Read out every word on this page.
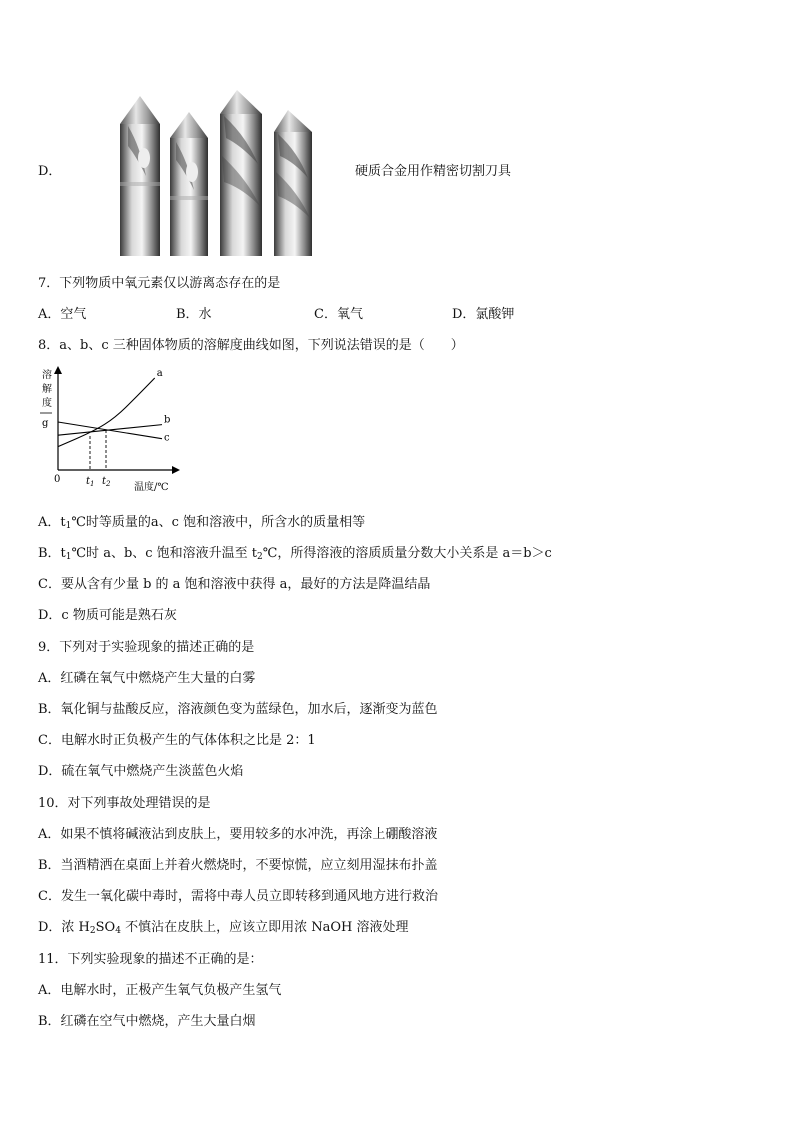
D．	硬质合金用作精密切割刀具
7．下列物质中氧元素仅以游离态存在的是
A．空气	B．水	C．氧气	D．氯酸钾
8．a、b、c 三种固体物质的溶解度曲线如图，下列说法错误的是（　　）
溶
解
度
g
0
a
b
c
$t_1$ $t_2$ 温度/℃
A．$t_1℃$时等质量的a、c 饱和溶液中，所含水的质量相等
B．$t_1℃$时 a、b、c 饱和溶液升温至 $t_2℃$，所得溶液的溶质质量分数大小关系是 a＝b＞c
C．要从含有少量 b 的 a 饱和溶液中获得 a，最好的方法是降温结晶
D．c 物质可能是熟石灰
9．下列对于实验现象的描述正确的是
A．红磷在氧气中燃烧产生大量的白雾
B．氧化铜与盐酸反应，溶液颜色变为蓝绿色，加水后，逐渐变为蓝色
C．电解水时正负极产生的气体体积之比是 2：1
D．硫在氧气中燃烧产生淡蓝色火焰
10．对下列事故处理错误的是
A．如果不慎将碱液沾到皮肤上，要用较多的水冲洗，再涂上硼酸溶液
B．当酒精洒在桌面上并着火燃烧时，不要惊慌，应立刻用湿抹布扑盖
C．发生一氧化碳中毒时，需将中毒人员立即转移到通风地方进行救治
D．浓 $H_2SO_4$ 不慎沾在皮肤上，应该立即用浓 NaOH 溶液处理
11．下列实验现象的描述不正确的是：
A．电解水时，正极产生氧气负极产生氢气
B．红磷在空气中燃烧，产生大量白烟
